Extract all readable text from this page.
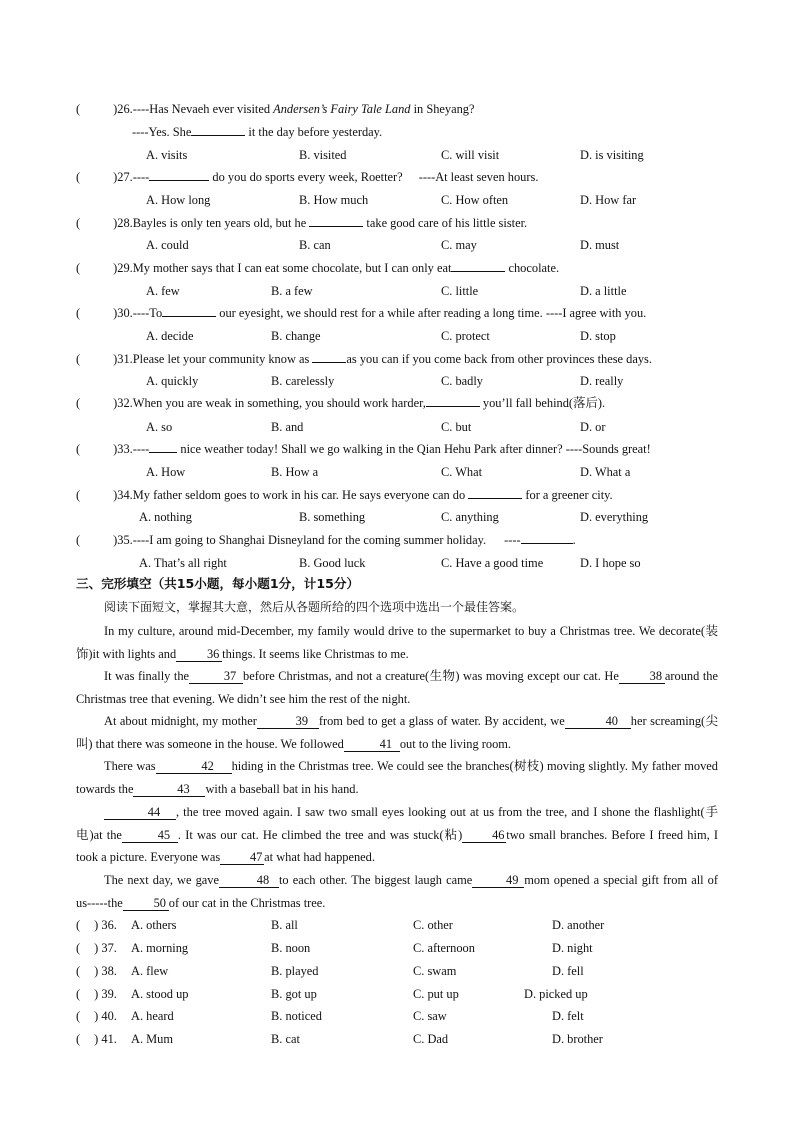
(	)26.----Has Nevaeh ever visited Andersen’s Fairy Tale Land in Sheyang?
----Yes. She	it the day before yesterday.
A. visits	B. visited	C. will visit	D. is visiting
(	)27.----	do you do sports every week, Roetter? ----At least seven hours.
A. How long	B. How much	C. How often	D. How far
(	)28.Bayles is only ten years old, but he	take good care of his little sister.
A. could	B. can	C. may	D. must
(	)29.My mother says that I can eat some chocolate, but I can only eat	chocolate.
A. few	B. a few	C. little	D. a little
(	)30.----To	our eyesight, we should rest for a while after reading a long time. ----I agree with you.
A. decide	B. change	C. protect	D. stop
(	)31.Please let your community know as	as you can if you come back from other provinces these days.
A. quickly	B. carelessly	C. badly	D. really
(	)32.When you are weak in something, you should work harder,	you’ll fall behind(落后).
A. so	B. and	C. but	D. or
(	)33.---- nice weather today! Shall we go walking in the Qian Hehu Park after dinner? ----Sounds great!
A. How	B. How a	C. What	D. What a
(	)34.My father seldom goes to work in his car. He says everyone can do	for a greener city.
A. nothing	B. something	C. anything	D. everything
(	)35.----I am going to Shanghai Disneyland for the coming summer holiday. ----	.
A. That’s all right	B. Good luck	C. Have a good time	D. I hope so
三、完形填空（共15小题，每小题1分，计15分）
阅读下面短文，掌握其大意，然后从各题所给的四个选项中选出一个最佳答案。
In my culture, around mid-December, my family would drive to the supermarket to buy a Christmas tree. We decorate(装饰)it with lights and 36 things. It seems like Christmas to me.
It was finally the	37 before Christmas, and not a creature(生物) was moving except our cat. He 38 around the Christmas tree that evening. We didn’t see him the rest of the night.
At about midnight, my mother	39 from bed to get a glass of water. By accident, we	40 her screaming(尖叫) that there was someone in the house. We followed	41 out to the living room.
There was	42 hiding in the Christmas tree. We could see the branches(树枝) moving slightly. My father moved towards the	43 with a baseball bat in his hand.
44 , the tree moved again. I saw two small eyes looking out at us from the tree, and I shone the flashlight(手电)at the	45 . It was our cat. He climbed the tree and was stuck(粘) 46 two small branches. Before I freed him, I took a picture. Everyone was 47 at what had happened.
The next day, we gave	48 to each other. The biggest laugh came	49 mom opened a special gift from all of us-----the 50 of our cat in the Christmas tree.
( ) 36. A. others	B. all	C. other	D. another
( ) 37. A. morning	B. noon	C. afternoon	D. night
( ) 38. A. flew	B. played	C. swam	D. fell
( ) 39. A. stood up	B. got up	C. put up	D. picked up
( ) 40. A. heard	B. noticed	C. saw	D. felt
( ) 41. A. Mum	B. cat	C. Dad	D. brother
